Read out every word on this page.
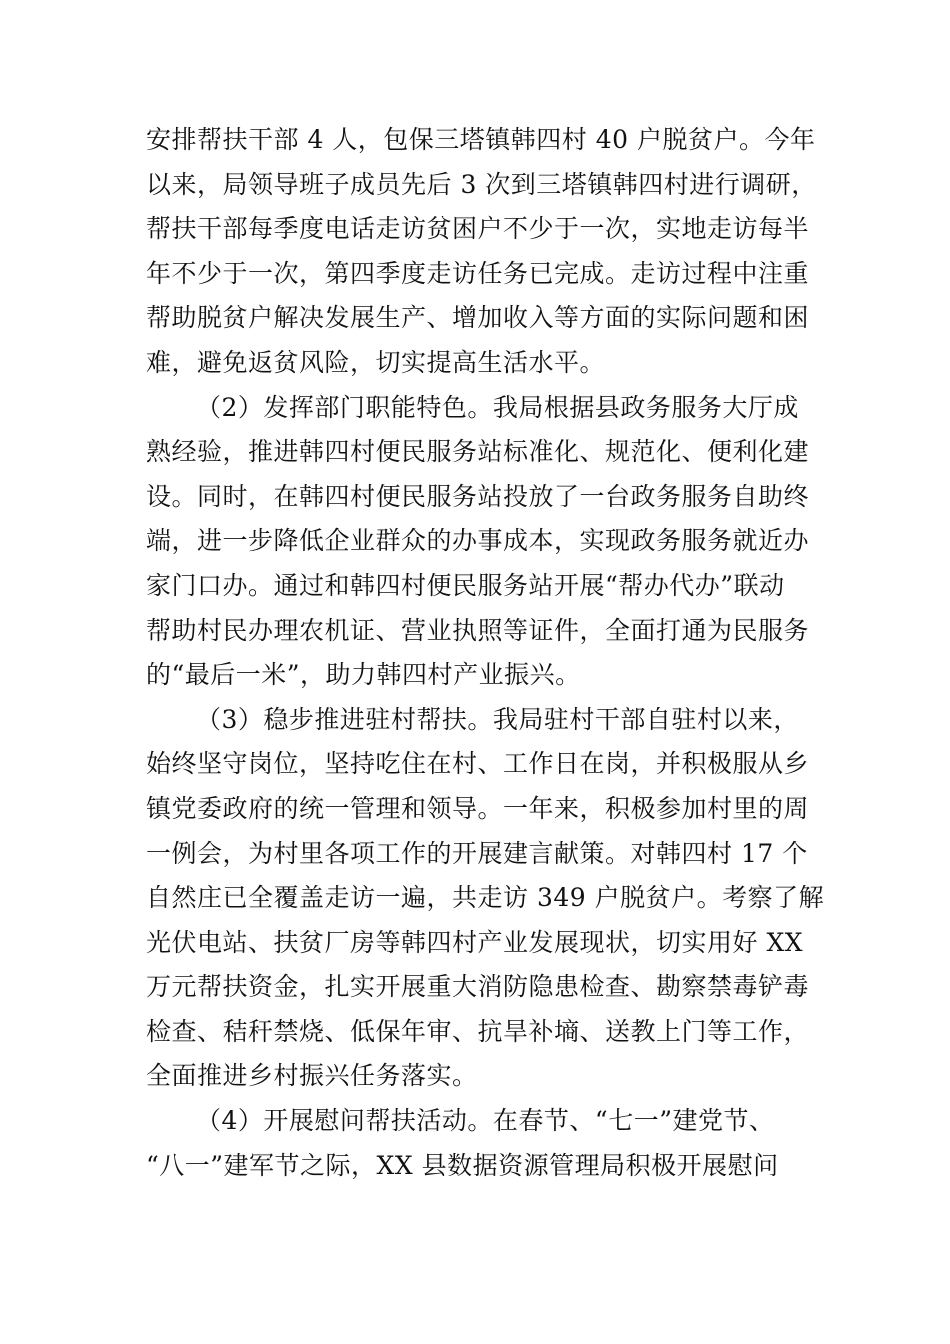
安排帮扶干部 4 人，包保三塔镇韩四村 40 户脱贫户。今年
以来，局领导班子成员先后 3 次到三塔镇韩四村进行调研，
帮扶干部每季度电话走访贫困户不少于一次，实地走访每半
年不少于一次，第四季度走访任务已完成。走访过程中注重
帮助脱贫户解决发展生产、增加收入等方面的实际问题和困
难，避免返贫风险，切实提高生活水平。
（2）发挥部门职能特色。我局根据县政务服务大厅成
熟经验，推进韩四村便民服务站标准化、规范化、便利化建
设。同时，在韩四村便民服务站投放了一台政务服务自助终
端，进一步降低企业群众的办事成本，实现政务服务就近办
家门口办。通过和韩四村便民服务站开展“帮办代办”联动
帮助村民办理农机证、营业执照等证件，全面打通为民服务
的“最后一米”，助力韩四村产业振兴。
（3）稳步推进驻村帮扶。我局驻村干部自驻村以来，
始终坚守岗位，坚持吃住在村、工作日在岗，并积极服从乡
镇党委政府的统一管理和领导。一年来，积极参加村里的周
一例会，为村里各项工作的开展建言献策。对韩四村 17 个
自然庄已全覆盖走访一遍，共走访 349 户脱贫户。考察了解
光伏电站、扶贫厂房等韩四村产业发展现状，切实用好 XX
万元帮扶资金，扎实开展重大消防隐患检查、勘察禁毒铲毒
检查、秸秆禁烧、低保年审、抗旱补墒、送教上门等工作，
全面推进乡村振兴任务落实。
（4）开展慰问帮扶活动。在春节、“七一”建党节、
“八一”建军节之际，XX 县数据资源管理局积极开展慰问
